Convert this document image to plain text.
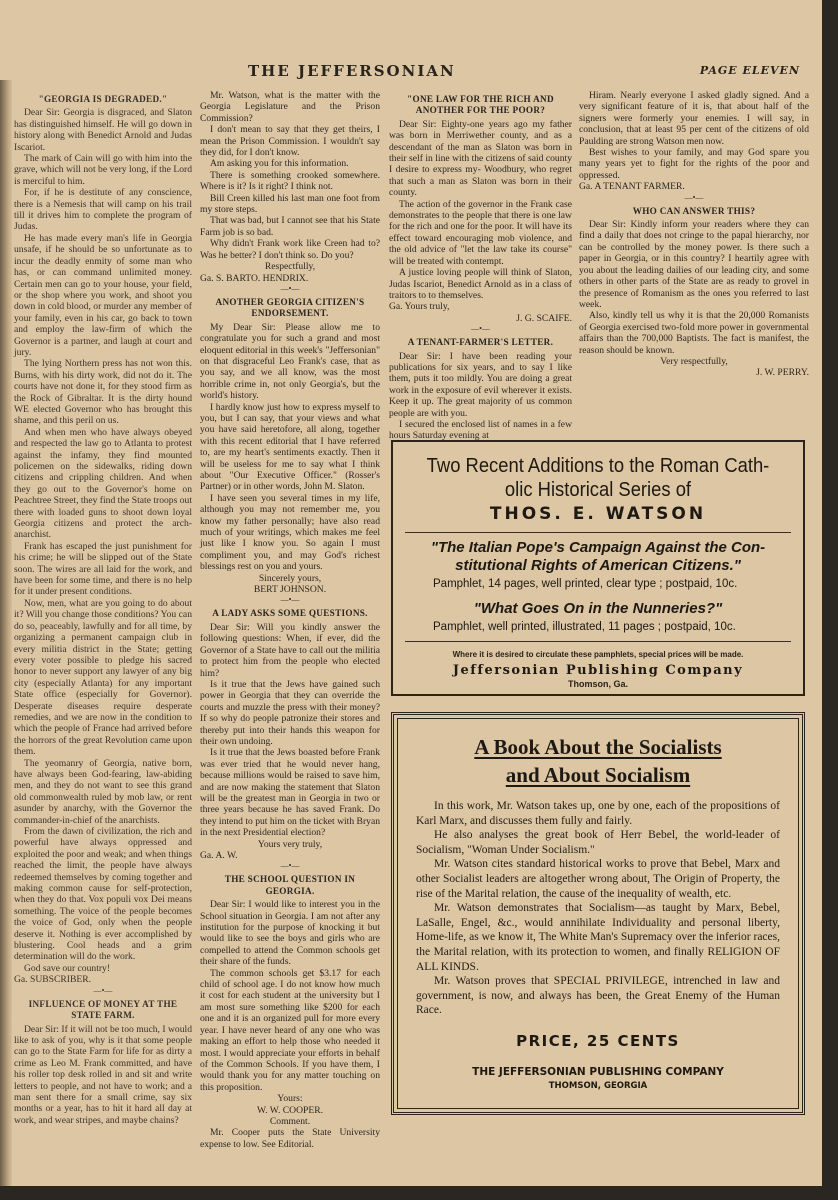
THE JEFFERSONIAN	PAGE ELEVEN

"GEORGIA IS DEGRADED."

Dear Sir: Georgia is disgraced, and Slaton has distinguished himself. He will go down in history along with Benedict Arnold and Judas Iscariot.

The mark of Cain will go with him into the grave, which will not be very long, if the Lord is merciful to him.

For, if he is destitute of any conscience, there is a Nemesis that will camp on his trail till it drives him to complete the program of Judas.

He has made every man's life in Georgia unsafe, if he should be so unfortunate as to incur the deadly enmity of some man who has, or can command unlimited money. Certain men can go to your house, your field, or the shop where you work, and shoot you down in cold blood, or murder any member of your family, even in his car, go back to town and employ the law-firm of which the Governor is a partner, and laugh at court and jury.

The lying Northern press has not won this. Burns, with his dirty work, did not do it. The courts have not done it, for they stood firm as the Rock of Gibraltar. It is the dirty hound WE elected Governor who has brought this shame, and this peril on us.

And when men who have always obeyed and respected the law go to Atlanta to protest against the infamy, they find mounted policemen on the sidewalks, riding down citizens and crippling children. And when they go out to the Governor's home on Peachtree Street, they find the State troops out there with loaded guns to shoot down loyal Georgia citizens and protect the arch-anarchist.

Frank has escaped the just punishment for his crime; he will be slipped out of the State soon. The wires are all laid for the work, and have been for some time, and there is no help for it under present conditions.

Now, men, what are you going to do about it? Will you change those conditions? You can do so, peaceably, lawfully and for all time, by organizing a permanent campaign club in every militia district in the State; getting every voter possible to pledge his sacred honor to never support any lawyer of any big city (especially Atlanta) for any important State office (especially for Governor). Desperate diseases require desperate remedies, and we are now in the condition to which the people of France had arrived before the horrors of the great Revolution came upon them.

The yeomanry of Georgia, native born, have always been God-fearing, law-abiding men, and they do not want to see this grand old commonwealth ruled by mob law, or rent asunder by anarchy, with the Governor the commander-in-chief of the anarchists.

From the dawn of civilization, the rich and powerful have always oppressed and exploited the poor and weak; and when things reached the limit, the people have always redeemed themselves by coming together and making common cause for self-protection, when they do that. Vox populi vox Dei means something. The voice of the people becomes the voice of God, only when the people deserve it. Nothing is ever accomplished by blustering. Cool heads and a grim determination will do the work.

God save our country!

Ga. SUBSCRIBER.

—•—

INFLUENCE OF MONEY AT THE STATE FARM.

Dear Sir: If it will not be too much, I would like to ask of you, why is it that some people can go to the State Farm for life for as dirty a crime as Leo M. Frank committed, and have his roller top desk rolled in and sit and write letters to people, and not have to work; and a man sent there for a small crime, say six months or a year, has to hit it hard all day at work, and wear stripes, and maybe chains?

Mr. Watson, what is the matter with the Georgia Legislature and the Prison Commission?

I don't mean to say that they get theirs, I mean the Prison Commission. I wouldn't say they did, for I don't know.

Am asking you for this information.

There is something crooked somewhere. Where is it? Is it right? I think not.

Bill Creen killed his last man one foot from my store steps.

That was bad, but I cannot see that his State Farm job is so bad.

Why didn't Frank work like Creen had to? Was he better? I don't think so. Do you?

Respectfully,

Ga. S. BARTO. HENDRIX.

—•—

ANOTHER GEORGIA CITIZEN'S ENDORSEMENT.

My Dear Sir: Please allow me to congratulate you for such a grand and most eloquent editorial in this week's "Jeffersonian" on that disgraceful Leo Frank's case, that as you say, and we all know, was the most horrible crime in, not only Georgia's, but the world's history.

I hardly know just how to express myself to you, but I can say, that your views and what you have said heretofore, all along, together with this recent editorial that I have referred to, are my heart's sentiments exactly. Then it will be useless for me to say what I think about "Our Executive Officer." (Rosser's Partner) or in other words, John M. Slaton.

I have seen you several times in my life, although you may not remember me, you know my father personally; have also read much of your writings, which makes me feel just like I know you. So again I must compliment you, and may God's richest blessings rest on you and yours.

Sincerely yours,

BERT JOHNSON.

—•—

A LADY ASKS SOME QUESTIONS.

Dear Sir: Will you kindly answer the following questions: When, if ever, did the Governor of a State have to call out the militia to protect him from the people who elected him?

Is it true that the Jews have gained such power in Georgia that they can override the courts and muzzle the press with their money? If so why do people patronize their stores and thereby put into their hands this weapon for their own undoing.

Is it true that the Jews boasted before Frank was ever tried that he would never hang, because millions would be raised to save him, and are now making the statement that Slaton will be the greatest man in Georgia in two or three years because he has saved Frank. Do they intend to put him on the ticket with Bryan in the next Presidential election?

Yours very truly,

Ga. A. W.

—•—

THE SCHOOL QUESTION IN GEORGIA.

Dear Sir: I would like to interest you in the School situation in Georgia. I am not after any institution for the purpose of knocking it but would like to see the boys and girls who are compelled to attend the Common schools get their share of the funds.

The common schools get $3.17 for each child of school age. I do not know how much it cost for each student at the university but I am most sure something like $200 for each one and it is an organized pull for more every year. I have never heard of any one who was making an effort to help those who needed it most. I would appreciate your efforts in behalf of the Common Schools. If you have them, I would thank you for any matter touching on this proposition.

Yours:

W. W. COOPER.

Comment.

Mr. Cooper puts the State University expense to low. See Editorial.

"ONE LAW FOR THE RICH AND ANOTHER FOR THE POOR?

Dear Sir: Eighty-one years ago my father was born in Merriwether county, and as a descendant of the man as Slaton was born in their self in line with the citizens of said county I desire to express my- Woodbury, who regret that such a man as Slaton was born in their county.

The action of the governor in the Frank case demonstrates to the people that there is one law for the rich and one for the poor. It will have its effect toward encouraging mob violence, and the old advice of "let the law take its course" will be treated with contempt.

A justice loving people will think of Slaton, Judas Iscariot, Benedict Arnold as in a class of traitors to to themselves.

Ga. Yours truly,

J. G. SCAIFE.

—•—

A TENANT-FARMER'S LETTER.

Dear Sir: I have been reading your publications for six years, and to say I like them, puts it too mildly. You are doing a great work in the exposure of evil wherever it exists. Keep it up. The great majority of us common people are with you.

I secured the enclosed list of names in a few hours Saturday evening at

Hiram. Nearly everyone I asked gladly signed. And a very significant feature of it is, that about half of the signers were formerly your enemies. I will say, in conclusion, that at least 95 per cent of the citizens of old Paulding are strong Watson men now.

Best wishes to your family, and may God spare you many years yet to fight for the rights of the poor and oppressed.

Ga. A TENANT FARMER.

—•—

WHO CAN ANSWER THIS?

Dear Sir: Kindly inform your readers where they can find a daily that does not cringe to the papal hierarchy, nor can be controlled by the money power. Is there such a paper in Georgia, or in this country? I heartily agree with you about the leading dailies of our leading city, and some others in other parts of the State are as ready to grovel in the presence of Romanism as the ones you referred to last week.

Also, kindly tell us why it is that the 20,000 Romanists of Georgia exercised two-fold more power in governmental affairs than the 700,000 Baptists. The fact is manifest, the reason should be known.

Very respectfully,

J. W. PERRY.

Two Recent Additions to the Roman Cath-
olic Historical Series of
THOS. E. WATSON
"The Italian Pope's Campaign Against the Con-
stitutional Rights of American Citizens."
Pamphlet, 14 pages, well printed, clear type ; postpaid, 10c.
"What Goes On in the Nunneries?"
Pamphlet, well printed, illustrated, 11 pages ; postpaid, 10c.
Where it is desired to circulate these pamphlets, special prices will be made.
Jeffersonian Publishing Company
Thomson, Ga.
A Book About the Socialists
and About Socialism

In this work, Mr. Watson takes up, one by one, each of the propositions of Karl Marx, and discusses them fully and fairly.

He also analyses the great book of Herr Bebel, the world-leader of Socialism, "Woman Under Socialism."

Mr. Watson cites standard historical works to prove that Bebel, Marx and other Socialist leaders are altogether wrong about, The Origin of Property, the rise of the Marital relation, the cause of the inequality of wealth, etc.

Mr. Watson demonstrates that Socialism—as taught by Marx, Bebel, LaSalle, Engel, &c., would annihilate Individuality and personal liberty, Home-life, as we know it, The White Man's Supremacy over the inferior races, the Marital relation, with its protection to women, and finally RELIGION OF ALL KINDS.

Mr. Watson proves that SPECIAL PRIVILEGE, intrenched in law and government, is now, and always has been, the Great Enemy of the Human Race.

PRICE, 25 CENTS
THE JEFFERSONIAN PUBLISHING COMPANY
THOMSON, GEORGIA
